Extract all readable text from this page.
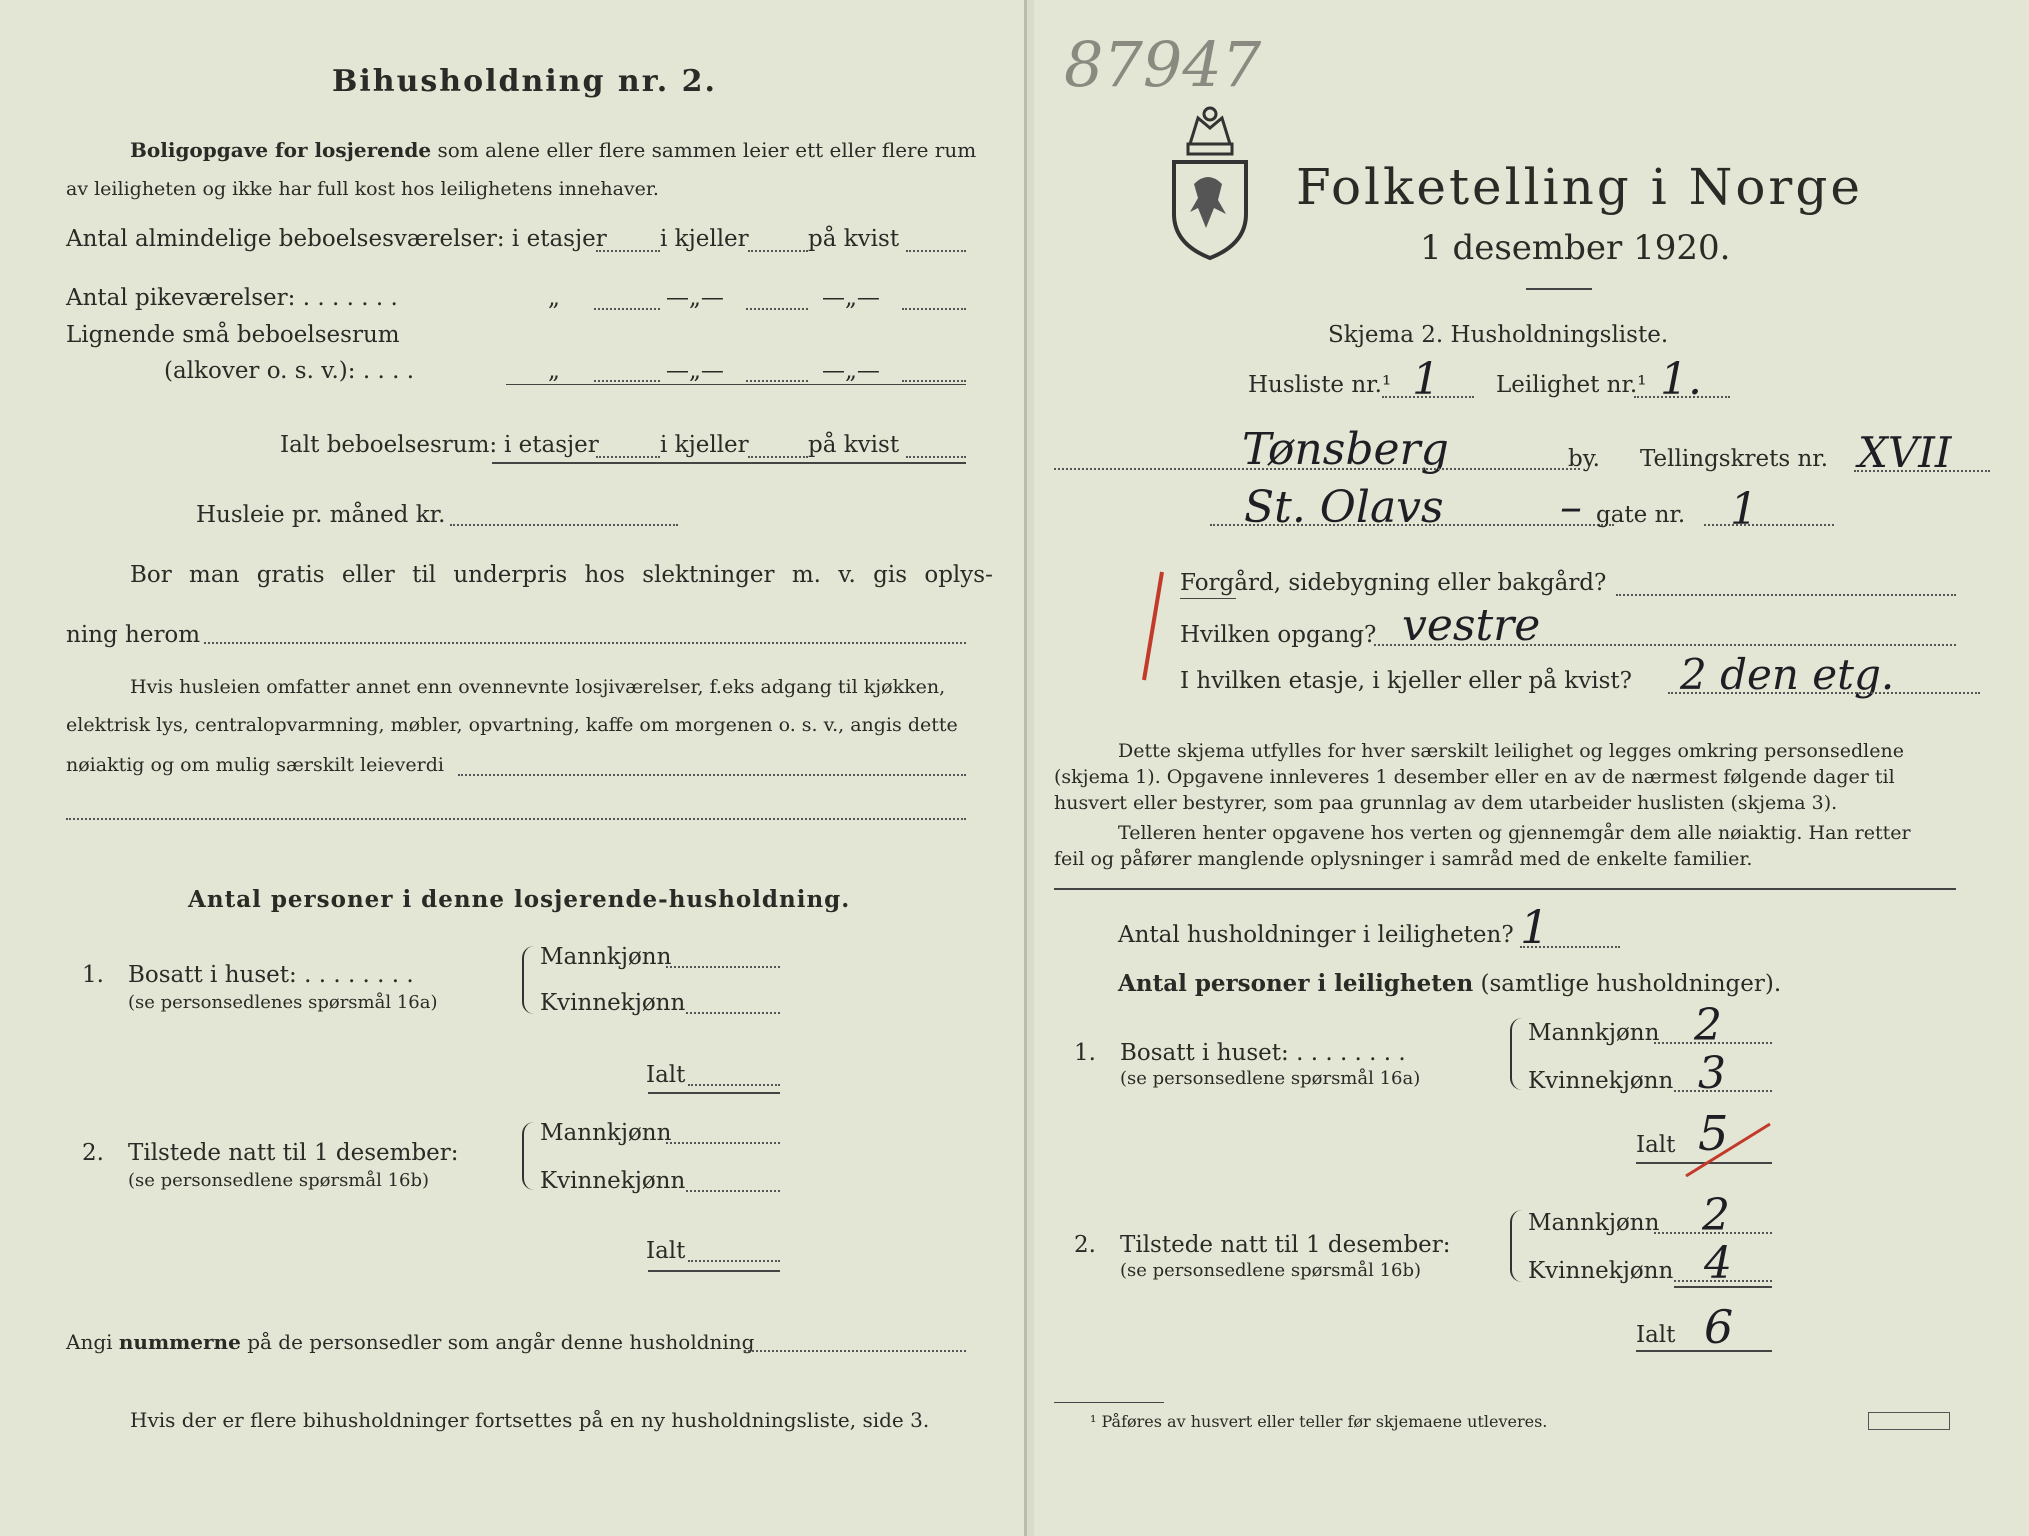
Bihusholdning nr. 2.
Boligopgave for losjerende som alene eller flere sammen leier ett eller flere rum
av leiligheten og ikke har full kost hos leilighetens innehaver.
Antal almindelige beboelsesværelser: i etasjer i kjeller	på kvist
Antal pikeværelser: . . . . . . .	„	—„—	—„—
Lignende små beboelsesrum
(alkover o. s. v.): . . . .	„	—„—	—„—
Ialt beboelsesrum: i etasjer	i kjeller	på kvist
Husleie pr. måned kr.
Bor man gratis eller til underpris hos slektninger m. v. gis oplys-
ning herom
Hvis husleien omfatter annet enn ovennevnte losjiværelser, f.eks adgang til kjøkken,
elektrisk lys, centralopvarmning, møbler, opvartning, kaffe om morgenen o. s. v., angis dette
nøiaktig og om mulig særskilt leieverdi
Antal personer i denne losjerende-husholdning.
1. Bosatt i huset: . . . . . . . .
(se personsedlenes spørsmål 16a)
Mannkjønn
Kvinnekjønn
Ialt
2. Tilstede natt til 1 desember:
(se personsedlene spørsmål 16b)
Mannkjønn
Kvinnekjønn
Ialt
Angi nummerne på de personsedler som angår denne husholdning
Hvis der er flere bihusholdninger fortsettes på en ny husholdningsliste, side 3.
87947
Folketelling i Norge
1 desember 1920.
Skjema 2. Husholdningsliste.
Husliste nr.¹ 1 Leilighet nr.¹ 1.
Tønsberg	by. Tellingskrets nr. XVII
St. Olavs	– gate nr. 1
Forgård, sidebygning eller bakgård?
Hvilken opgang? vestre
I hvilken etasje, i kjeller eller på kvist? 2 den etg.
Dette skjema utfylles for hver særskilt leilighet og legges omkring personsedlene
(skjema 1). Opgavene innleveres 1 desember eller en av de nærmest følgende dager til
husvert eller bestyrer, som paa grunnlag av dem utarbeider huslisten (skjema 3).
Telleren henter opgavene hos verten og gjennemgår dem alle nøiaktig. Han retter
feil og påfører manglende oplysninger i samråd med de enkelte familier.
Antal husholdninger i leiligheten? 1
Antal personer i leiligheten (samtlige husholdninger).
1. Bosatt i huset: . . . . . . . .
(se personsedlene spørsmål 16a)
Mannkjønn 2
Kvinnekjønn 3
Ialt 5
2. Tilstede natt til 1 desember:
(se personsedlene spørsmål 16b)
Mannkjønn 2
Kvinnekjønn 4
Ialt 6
¹ Påføres av husvert eller teller før skjemaene utleveres.
